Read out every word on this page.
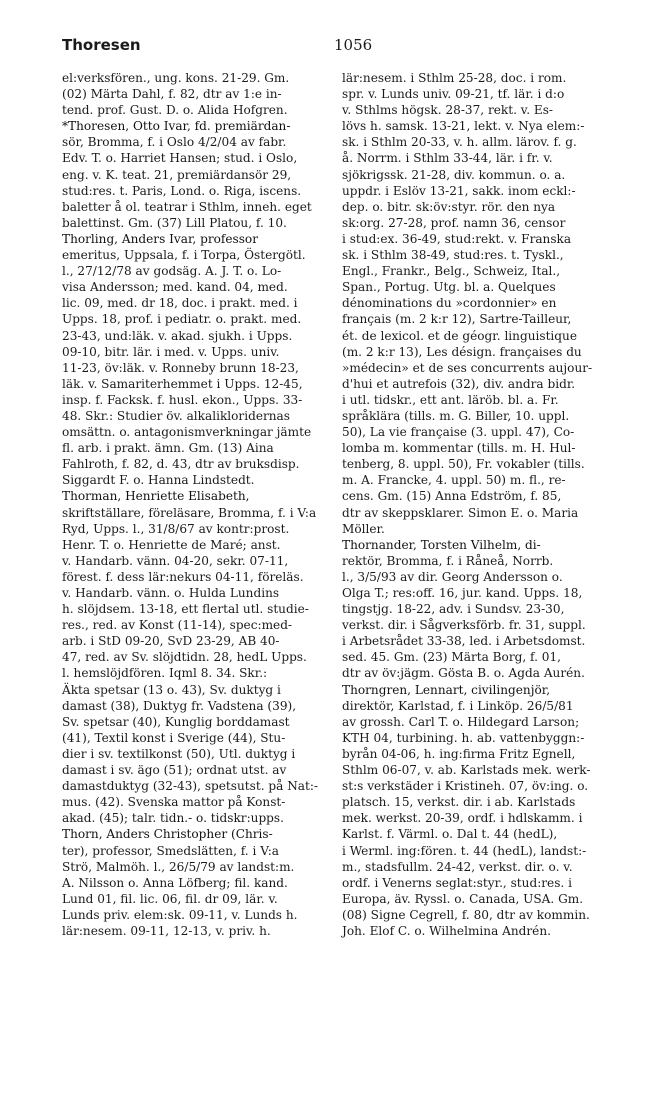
Thoresen	1056
el:verksfören., ung. kons. 21-29. Gm.
(02) Märta Dahl, f. 82, dtr av 1:e in-
tend. prof. Gust. D. o. Alida Hofgren.
*Thoresen, Otto Ivar, fd. premiärdan-
sör, Bromma, f. i Oslo 4/2/04 av fabr.
Edv. T. o. Harriet Hansen; stud. i Oslo,
eng. v. K. teat. 21, premiärdansör 29,
stud:res. t. Paris, Lond. o. Riga, iscens.
baletter å ol. teatrar i Sthlm, inneh. eget
balettinst. Gm. (37) Lill Platou, f. 10.
Thorling, Anders Ivar, professor
emeritus, Uppsala, f. i Torpa, Östergötl.
l., 27/12/78 av godsäg. A. J. T. o. Lo-
visa Andersson; med. kand. 04, med.
lic. 09, med. dr 18, doc. i prakt. med. i
Upps. 18, prof. i pediatr. o. prakt. med.
23-43, und:läk. v. akad. sjukh. i Upps.
09-10, bitr. lär. i med. v. Upps. univ.
11-23, öv:läk. v. Ronneby brunn 18-23,
läk. v. Samariterhemmet i Upps. 12-45,
insp. f. Facksk. f. husl. ekon., Upps. 33-
48. Skr.: Studier öv. alkalikloridernas
omsättn. o. antagonismverkningar jämte
fl. arb. i prakt. ämn. Gm. (13) Aina
Fahlroth, f. 82, d. 43, dtr av bruksdisp.
Siggardt F. o. Hanna Lindstedt.
Thorman, Henriette Elisabeth,
skriftställare, föreläsare, Bromma, f. i V:a
Ryd, Upps. l., 31/8/67 av kontr:prost.
Henr. T. o. Henriette de Maré; anst.
v. Handarb. vänn. 04-20, sekr. 07-11,
förest. f. dess lär:nekurs 04-11, föreläs.
v. Handarb. vänn. o. Hulda Lundins
h. slöjdsem. 13-18, ett flertal utl. studie-
res., red. av Konst (11-14), spec:med-
arb. i StD 09-20, SvD 23-29, AB 40-
47, red. av Sv. slöjdtidn. 28, hedL Upps.
l. hemslöjdfören. Iqml 8. 34. Skr.:
Äkta spetsar (13 o. 43), Sv. duktyg i
damast (38), Duktyg fr. Vadstena (39),
Sv. spetsar (40), Kunglig borddamast
(41), Textil konst i Sverige (44), Stu-
dier i sv. textilkonst (50), Utl. duktyg i
damast i sv. ägo (51); ordnat utst. av
damastduktyg (32-43), spetsutst. på Nat:-
mus. (42). Svenska mattor på Konst-
akad. (45); talr. tidn.- o. tidskr:upps.
Thorn, Anders Christopher (Chris-
ter), professor, Smedslätten, f. i V:a
Strö, Malmöh. l., 26/5/79 av landst:m.
A. Nilsson o. Anna Löfberg; fil. kand.
Lund 01, fil. lic. 06, fil. dr 09, lär. v.
Lunds priv. elem:sk. 09-11, v. Lunds h.
lär:nesem. 09-11, 12-13, v. priv. h.
lär:nesem. i Sthlm 25-28, doc. i rom.
spr. v. Lunds univ. 09-21, tf. lär. i d:o
v. Sthlms högsk. 28-37, rekt. v. Es-
lövs h. samsk. 13-21, lekt. v. Nya elem:-
sk. i Sthlm 20-33, v. h. allm. lärov. f. g.
å. Norrm. i Sthlm 33-44, lär. i fr. v.
sjökrigssk. 21-28, div. kommun. o. a.
uppdr. i Eslöv 13-21, sakk. inom eckl:-
dep. o. bitr. sk:öv:styr. rör. den nya
sk:org. 27-28, prof. namn 36, censor
i stud:ex. 36-49, stud:rekt. v. Franska
sk. i Sthlm 38-49, stud:res. t. Tyskl.,
Engl., Frankr., Belg., Schweiz, Ital.,
Span., Portug. Utg. bl. a. Quelques
dénominations du »cordonnier» en
français (m. 2 k:r 12), Sartre-Tailleur,
ét. de lexicol. et de géogr. linguistique
(m. 2 k:r 13), Les désign. françaises du
»médecin» et de ses concurrents aujour-
d'hui et autrefois (32), div. andra bidr.
i utl. tidskr., ett ant. läröb. bl. a. Fr.
språklära (tills. m. G. Biller, 10. uppl.
50), La vie française (3. uppl. 47), Co-
lomba m. kommentar (tills. m. H. Hul-
tenberg, 8. uppl. 50), Fr. vokabler (tills.
m. A. Francke, 4. uppl. 50) m. fl., re-
cens. Gm. (15) Anna Edström, f. 85,
dtr av skeppsklarer. Simon E. o. Maria
Möller.
Thornander, Torsten Vilhelm, di-
rektör, Bromma, f. i Råneå, Norrb.
l., 3/5/93 av dir. Georg Andersson o.
Olga T.; res:off. 16, jur. kand. Upps. 18,
tingstjg. 18-22, adv. i Sundsv. 23-30,
verkst. dir. i Sågverksförb. fr. 31, suppl.
i Arbetsrådet 33-38, led. i Arbetsdomst.
sed. 45. Gm. (23) Märta Borg, f. 01,
dtr av öv:jägm. Gösta B. o. Agda Aurén.
Thorngren, Lennart, civilingenjör,
direktör, Karlstad, f. i Linköp. 26/5/81
av grossh. Carl T. o. Hildegard Larson;
KTH 04, turbining. h. ab. vattenbyggn:-
byrån 04-06, h. ing:firma Fritz Egnell,
Sthlm 06-07, v. ab. Karlstads mek. werk-
st:s verkstäder i Kristineh. 07, öv:ing. o.
platsch. 15, verkst. dir. i ab. Karlstads
mek. werkst. 20-39, ordf. i hdlskamm. i
Karlst. f. Värml. o. Dal t. 44 (hedL),
i Werml. ing:fören. t. 44 (hedL), landst:-
m., stadsfullm. 24-42, verkst. dir. o. v.
ordf. i Venerns seglat:styr., stud:res. i
Europa, äv. Ryssl. o. Canada, USA. Gm.
(08) Signe Cegrell, f. 80, dtr av kommin.
Joh. Elof C. o. Wilhelmina Andrén.
